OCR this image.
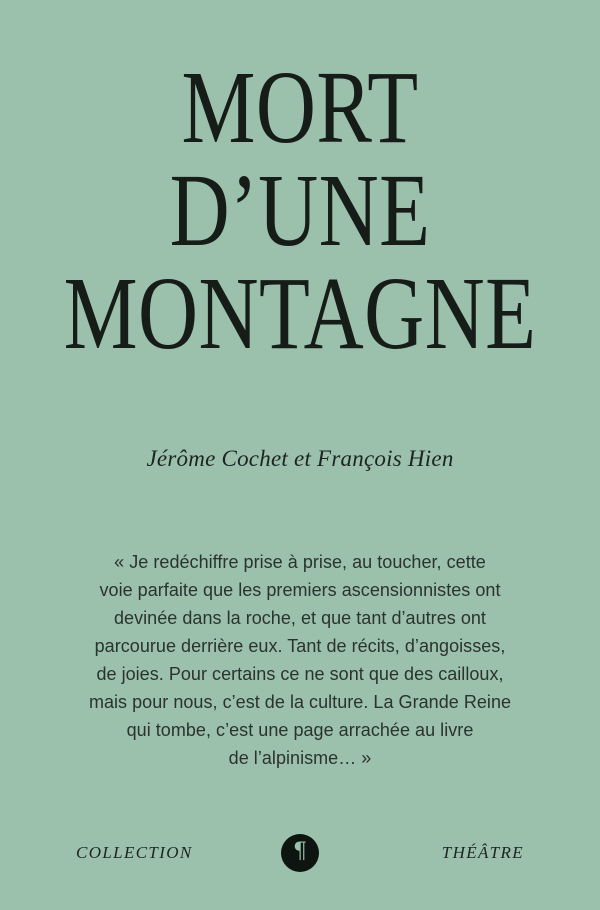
MORT
D’UNE
MONTAGNE
Jérôme Cochet et François Hien
« Je redéchiffre prise à prise, au toucher, cette
voie parfaite que les premiers ascensionnistes ont
devinée dans la roche, et que tant d’autres ont
parcourue derrière eux. Tant de récits, d’angoisses,
de joies. Pour certains ce ne sont que des cailloux,
mais pour nous, c’est de la culture. La Grande Reine
qui tombe, c’est une page arrachée au livre
de l’alpinisme… »
COLLECTION	¶	THÉÂTRE
